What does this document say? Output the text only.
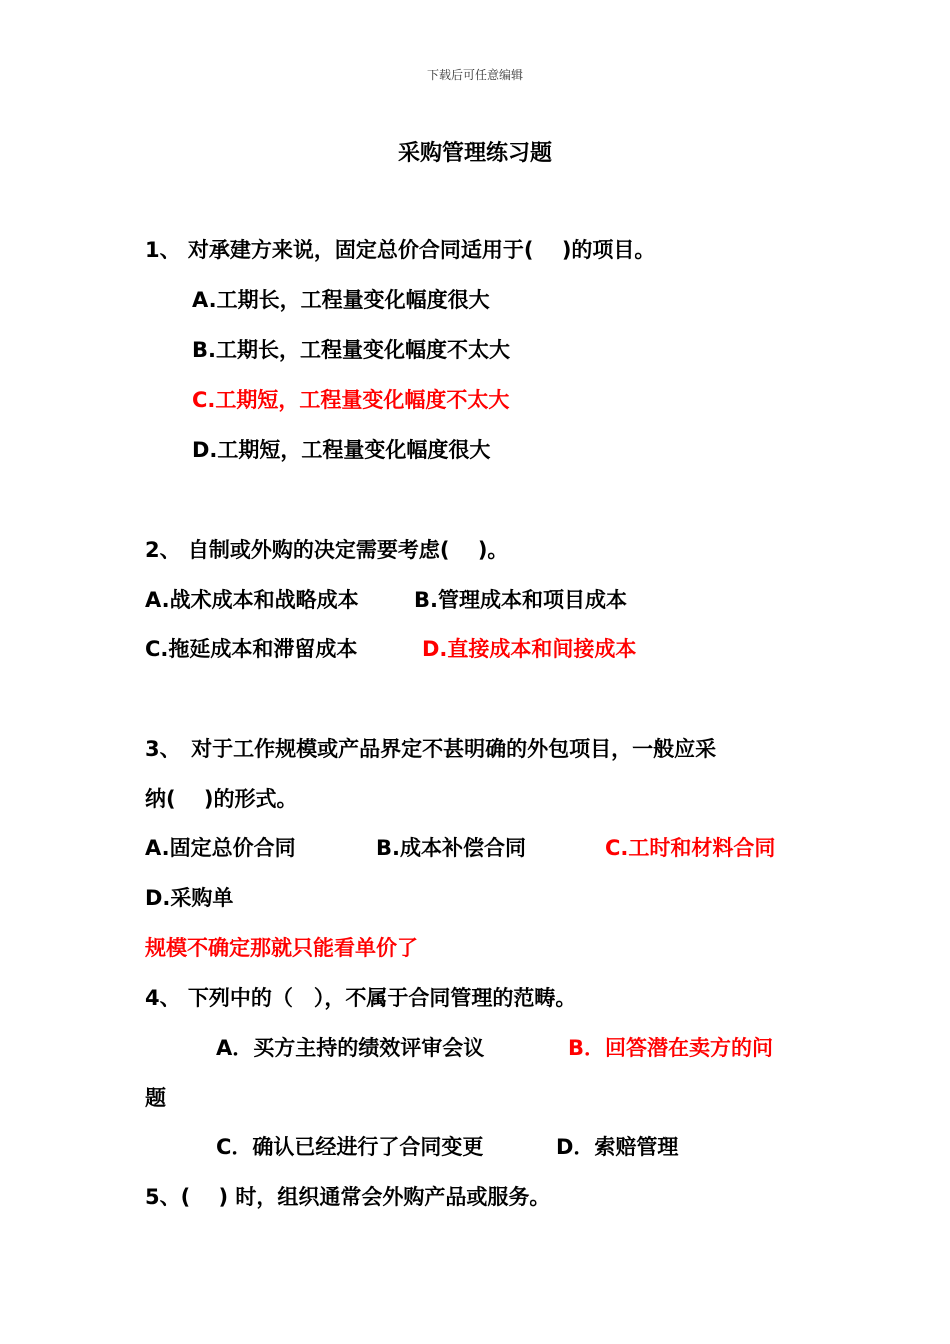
下载后可任意编辑
采购管理练习题
1、 对承建方来说，固定总价合同适用于(　 )的项目。
A.工期长，工程量变化幅度很大
B.工期长，工程量变化幅度不太大
C.工期短，工程量变化幅度不太大
D.工期短，工程量变化幅度很大
2、 自制或外购的决定需要考虑(　 )。
A.战术成本和战略成本	B.管理成本和项目成本
C.拖延成本和滞留成本	D.直接成本和间接成本
3、　对于工作规模或产品界定不甚明确的外包项目，一般应采
纳(　 )的形式。
A.固定总价合同	B.成本补偿合同	C.工时和材料合同
D.采购单
规模不确定那就只能看单价了
4、 下列中的（　），不属于合同管理的范畴。
A．买方主持的绩效评审会议	B．回答潜在卖方的问
题
C．确认已经进行了合同变更	D．索赔管理
5、(　 ) 时，组织通常会外购产品或服务。
